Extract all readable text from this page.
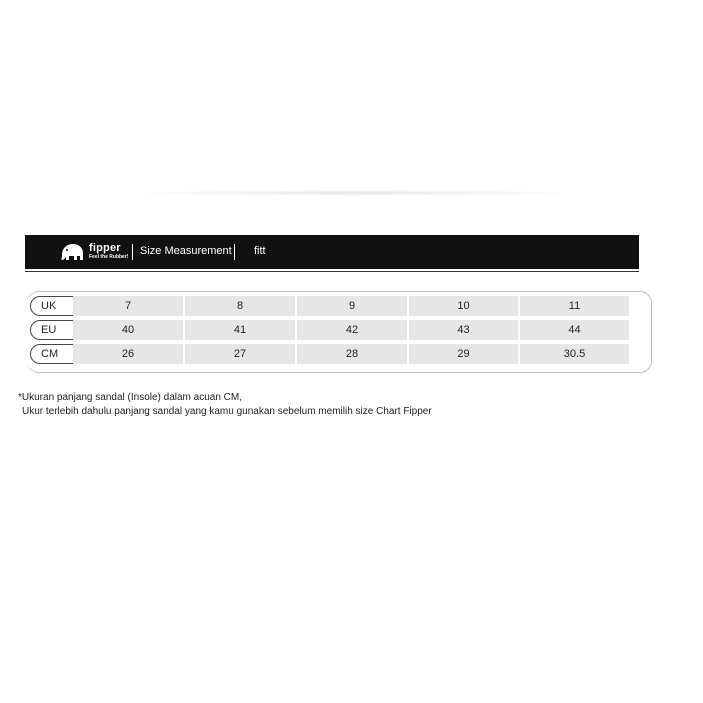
fipper
Feel the Rubber! Size Measurement fitt
UK	7	8	9	10	11
EU	40	41	42	43	44
CM	26	27	28	29	30.5
*Ukuran panjang sandal (Insole) dalam acuan CM,
Ukur terlebih dahulu panjang sandal yang kamu gunakan sebelum memilih size Chart Fipper
